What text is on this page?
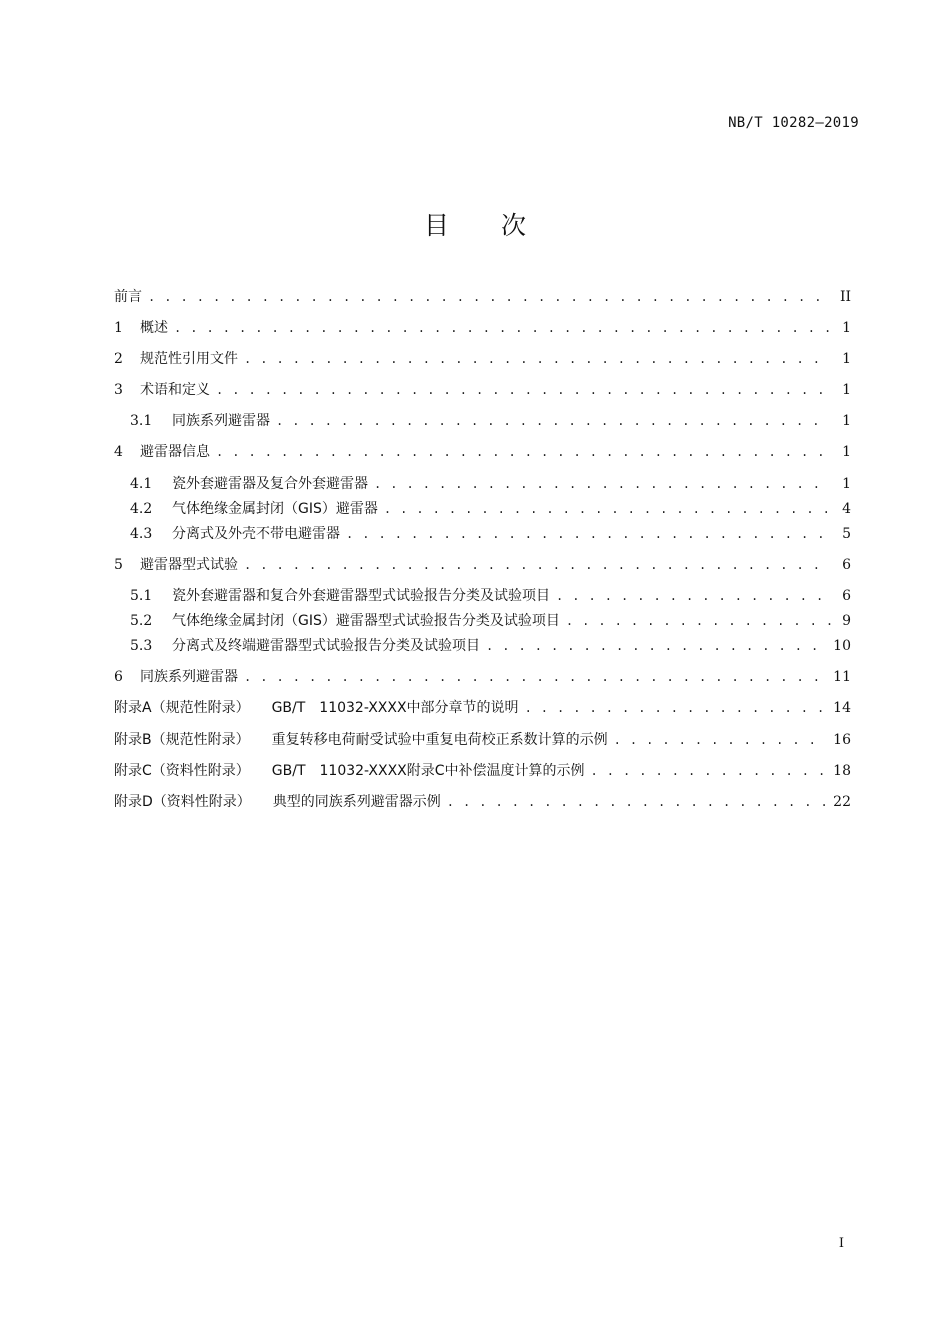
NB/T 10282—2019
目 次
前言 . . .	II
1 概述 . . .	1
2 规范性引用文件 . . .	1
3 术语和定义 . . .	1
3.1	同族系列避雷器 . . .	1
4 避雷器信息 . . .	1
4.1	瓷外套避雷器及复合外套避雷器 . . .	1
4.2	气体绝缘金属封闭（GIS）避雷器 . . .	4
4.3	分离式及外壳不带电避雷器 . . .	5
5 避雷器型式试验 . . .	6
5.1	瓷外套避雷器和复合外套避雷器型式试验报告分类及试验项目 . . .	6
5.2	气体绝缘金属封闭（GIS）避雷器型式试验报告分类及试验项目 . . .	9
5.3	分离式及终端避雷器型式试验报告分类及试验项目 . . .	10
6 同族系列避雷器 . . .	11
附录A（规范性附录） GB/T　11032-XXXX中部分章节的说明 . . .	14
附录B（规范性附录） 重复转移电荷耐受试验中重复电荷校正系数计算的示例 . . .	16
附录C（资料性附录） GB/T　11032-XXXX附录C中补偿温度计算的示例 . . .	18
附录D（资料性附录） 典型的同族系列避雷器示例 . . .	22
I
